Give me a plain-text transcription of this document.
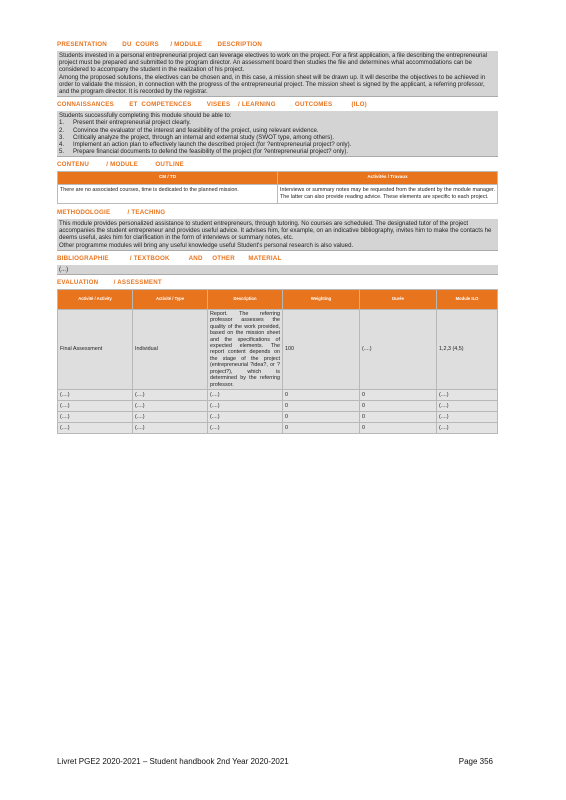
PRESENTATION        DU  COURS      / MODULE        DESCRIPTION

Students invested in a personal entrepreneurial project can leverage electives to work on the project. For a first application, a file describing the entrepreneurial project must be prepared and submitted to the program director. An assessment board then studies the file and determines what accommodations can be considered to accompany the student in the realization of his project.

Among the proposed solutions, the electives can be chosen and, in this case, a mission sheet will be drawn up. It will describe the objectives to be achieved in order to validate the mission, in connection with the progress of the entrepreneurial project. The mission sheet is signed by the applicant, a referring professor, and the program director. It is recorded by the registrar.

CONNAISSANCES        ET  COMPETENCES        VISEES    / LEARNING          OUTCOMES          (ILO)

Students successfully completing this module should be able to:

1.	Present their entrepreneurial project clearly.
2.	Convince the evaluator of the interest and feasibility of the project, using relevant evidence.
3.	Critically analyze the project, through an internal and external study (SWOT type, among others).
4.	Implement an action plan to effectively launch the described project (for ?entrepreneurial project? only).
5.	Prepare financial documents to defend the feasibility of the project (for ?entrepreneurial project? only).
CONTENU         / MODULE         OUTLINE
CM / TD	Activités / Travaux
There are no associated courses, time is dedicated to the planned mission.	Interviews or summary notes may be requested from the student by the module manager. The latter can also provide reading advice. These elements are specific to each project.
METHODOLOGIE         / TEACHING

This module provides personalized assistance to student entrepreneurs, through tutoring. No courses are scheduled. The designated tutor of the project accompanies the student entrepreneur and provides useful advice. It advises him, for example, on an indicative bibliography, invites him to make the contacts he deems useful, asks him for clarification in the form of interviews or summary notes, etc.

Other programme modules will bring any useful knowledge useful Student's personal research is also valued.

BIBLIOGRAPHIE           / TEXTBOOK          AND     OTHER       MATERIAL
(...)
EVALUATION        / ASSESSMENT
Activité / Activity	Activité / Type	Description	Weighting	Durée	Module ILO
Final Assessment	Individual	Report. The referring professor assesses the quality of the work provided, based on the mission sheet and the specifications of expected elements. The report content depends on the stage of the project (entrepreneurial ?idea?, or ?project?), which is determined by the referring professor.	100	(....)	1,2,3 (4,5)
(....)	(....)	(....)	0	0	(....)
(....)	(....)	(....)	0	0	(....)
(....)	(....)	(....)	0	0	(....)
(....)	(....)	(....)	0	0	(....)
Livret PGE2 2020-2021 – Student handbook 2nd Year 2020-2021	Page 356
